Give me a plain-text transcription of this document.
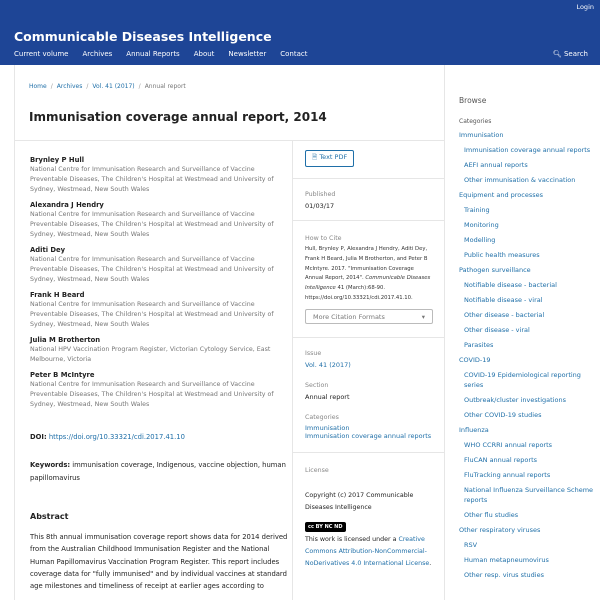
Login
Communicable Diseases Intelligence
Current volume Archives Annual Reports About Newsletter Contact	🔍︎ Search
Home / Archives / Vol. 41 (2017) / Annual report
Immunisation coverage annual report, 2014
Brynley P Hull
National Centre for Immunisation Research and Surveillance of Vaccine Preventable Diseases, The Children's Hospital at Westmead and University of Sydney, Westmead, New South Wales
Alexandra J Hendry
National Centre for Immunisation Research and Surveillance of Vaccine Preventable Diseases, The Children's Hospital at Westmead and University of Sydney, Westmead, New South Wales
Aditi Dey
National Centre for Immunisation Research and Surveillance of Vaccine Preventable Diseases, The Children's Hospital at Westmead and University of Sydney, Westmead, New South Wales
Frank H Beard
National Centre for Immunisation Research and Surveillance of Vaccine Preventable Diseases, The Children's Hospital at Westmead and University of Sydney, Westmead, New South Wales
Julia M Brotherton
National HPV Vaccination Program Register, Victorian Cytology Service, East Melbourne, Victoria
Peter B McIntyre
National Centre for Immunisation Research and Surveillance of Vaccine Preventable Diseases, The Children's Hospital at Westmead and University of Sydney, Westmead, New South Wales
DOI: https://doi.org/10.33321/cdi.2017.41.10
Keywords: immunisation coverage, Indigenous, vaccine objection, human papillomavirus
Abstract
This 8th annual immunisation coverage report shows data for 2014 derived from the Australian Childhood Immunisation Register and the National Human Papillomavirus Vaccination Program Register. This report includes coverage data for "fully immunised" and by individual vaccines at standard age milestones and timeliness of receipt at earlier ages according to
🗎︎ Text PDF
Published
01/03/17
How to Cite
Hull, Brynley P, Alexandra J Hendry, Aditi Dey, Frank H Beard, Julia M Brotherton, and Peter B McIntyre. 2017. "Immunisation Coverage Annual Report, 2014". Communicable Diseases Intelligence 41 (March):68-90. https://doi.org/10.33321/cdi.2017.41.10.
More Citation Formats	▾
Issue
Vol. 41 (2017)
Section
Annual report
Categories
Immunisation
Immunisation coverage annual reports
License
Copyright (c) 2017 Communicable Diseases Intelligence
cc BY NC ND
This work is licensed under a Creative Commons Attribution-NonCommercial-NoDerivatives 4.0 International License.
Browse
Categories
Immunisation
Immunisation coverage annual reports
AEFI annual reports
Other immunisation & vaccination
Equipment and processes
Training
Monitoring
Modelling
Public health measures
Pathogen surveillance
Notifiable disease - bacterial
Notifiable disease - viral
Other disease - bacterial
Other disease - viral
Parasites
COVID-19
COVID-19 Epidemiological reporting series
Outbreak/cluster investigations
Other COVID-19 studies
Influenza
WHO CCRRI annual reports
FluCAN annual reports
FluTracking annual reports
National Influenza Surveillance Scheme reports
Other flu studies
Other respiratory viruses
RSV
Human metapneumovirus
Other resp. virus studies
